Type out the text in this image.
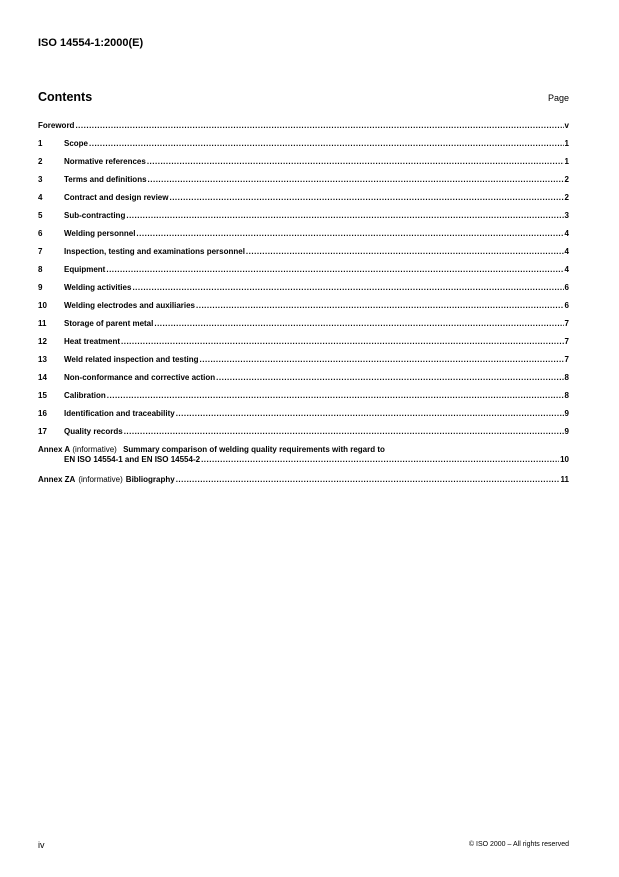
ISO 14554-1:2000(E)
Contents	Page
Foreword .....	v
1	Scope .....	1
2	Normative references .....	1
3	Terms and definitions .....	2
4	Contract and design review .....	2
5	Sub-contracting .....	3
6	Welding personnel .....	4
7	Inspection, testing and examinations personnel .....	4
8	Equipment .....	4
9	Welding activities .....	6
10	Welding electrodes and auxiliaries .....	6
11	Storage of parent metal .....	7
12	Heat treatment .....	7
13	Weld related inspection and testing .....	7
14	Non-conformance and corrective action .....	8
15	Calibration .....	8
16	Identification and traceability .....	9
17	Quality records .....	9
Annex A (informative) Summary comparison of welding quality requirements with regard to
EN ISO 14554-1 and EN ISO 14554-2 .....	10
Annex ZA (informative) Bibliography .....	11
iv	© ISO 2000 – All rights reserved
